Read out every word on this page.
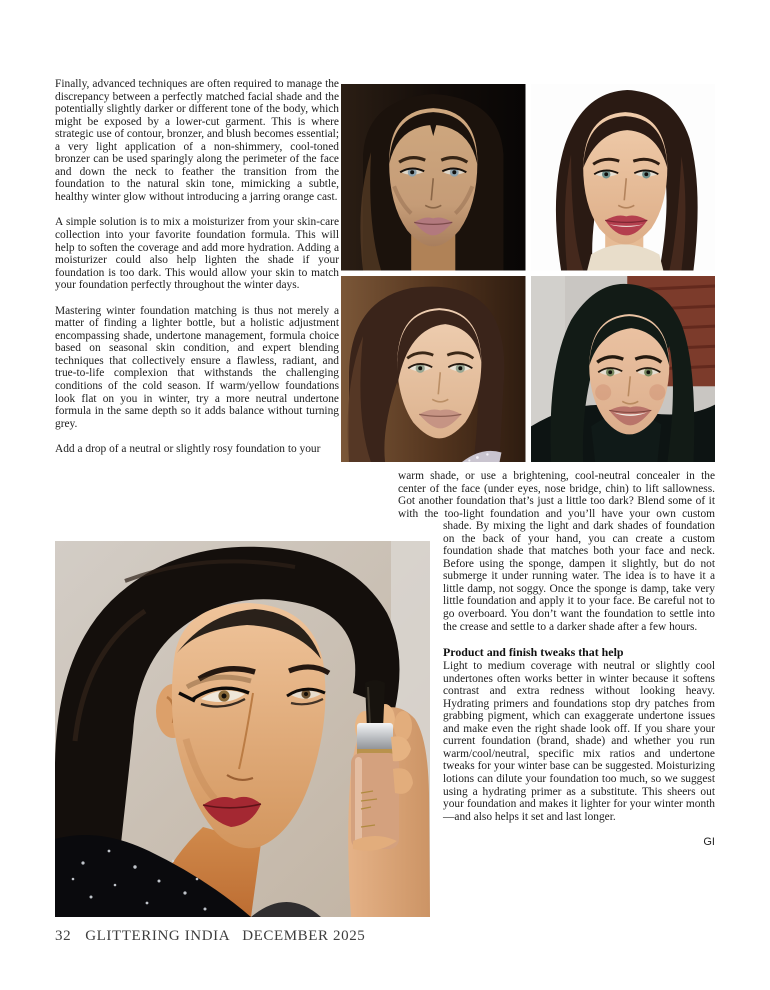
Finally, advanced techniques are often required to manage the discrepancy between a perfectly matched facial shade and the potentially slightly darker or different tone of the body, which might be exposed by a lower-cut garment. This is where strategic use of contour, bronzer, and blush becomes essential; a very light application of a non-shimmery, cool-toned bronzer can be used sparingly along the perimeter of the face and down the neck to feather the transition from the foundation to the natural skin tone, mimicking a subtle, healthy winter glow without introducing a jarring orange cast.

A simple solution is to mix a moisturizer from your skin-care collection into your favorite foundation formula. This will help to soften the coverage and add more hydration. Adding a moisturizer could also help lighten the shade if your foundation is too dark. This would allow your skin to match your foundation perfectly throughout the winter days.

Mastering winter foundation matching is thus not merely a matter of finding a lighter bottle, but a holistic adjustment encompassing shade, undertone management, formula choice based on seasonal skin condition, and expert blending techniques that collectively ensure a flawless, radiant, and true-to-life complexion that withstands the challenging conditions of the cold season. If warm/yellow foundations look flat on you in winter, try a more neutral undertone formula in the same depth so it adds balance without turning grey.

Add a drop of a neutral or slightly rosy foundation to your

warm shade, or use a brightening, cool-neutral concealer in the center of the face (under eyes, nose bridge, chin) to lift sallowness. Got another foundation that’s just a little too dark? Blend some of it with the too-light foundation and you’ll have your own custom shade. By mixing the light and dark shades of foundation on the back of your hand, you can create a custom foundation shade that matches both your face and neck. Before using the sponge, dampen it slightly, but do not submerge it under running water. The idea is to have it a little damp, not soggy. Once the sponge is damp, take very little foundation and apply it to your face. Be careful not to go overboard. You don’t want the foundation to settle into the crease and settle to a darker shade after a few hours.

Product and finish tweaks that help

Light to medium coverage with neutral or slightly cool undertones often works better in winter because it softens contrast and extra redness without looking heavy. Hydrating primers and foundations stop dry patches from grabbing pigment, which can exaggerate undertone issues and make even the right shade look off. If you share your current foundation (brand, shade) and whether you run warm/cool/neutral, specific mix ratios and undertone tweaks for your winter base can be suggested. Moisturizing lotions can dilute your foundation too much, so we suggest using a hydrating primer as a substitute. This sheers out your foundation and makes it lighter for your winter month—and also helps it set and last longer.

GI
32 GLITTERING INDIA DECEMBER 2025
